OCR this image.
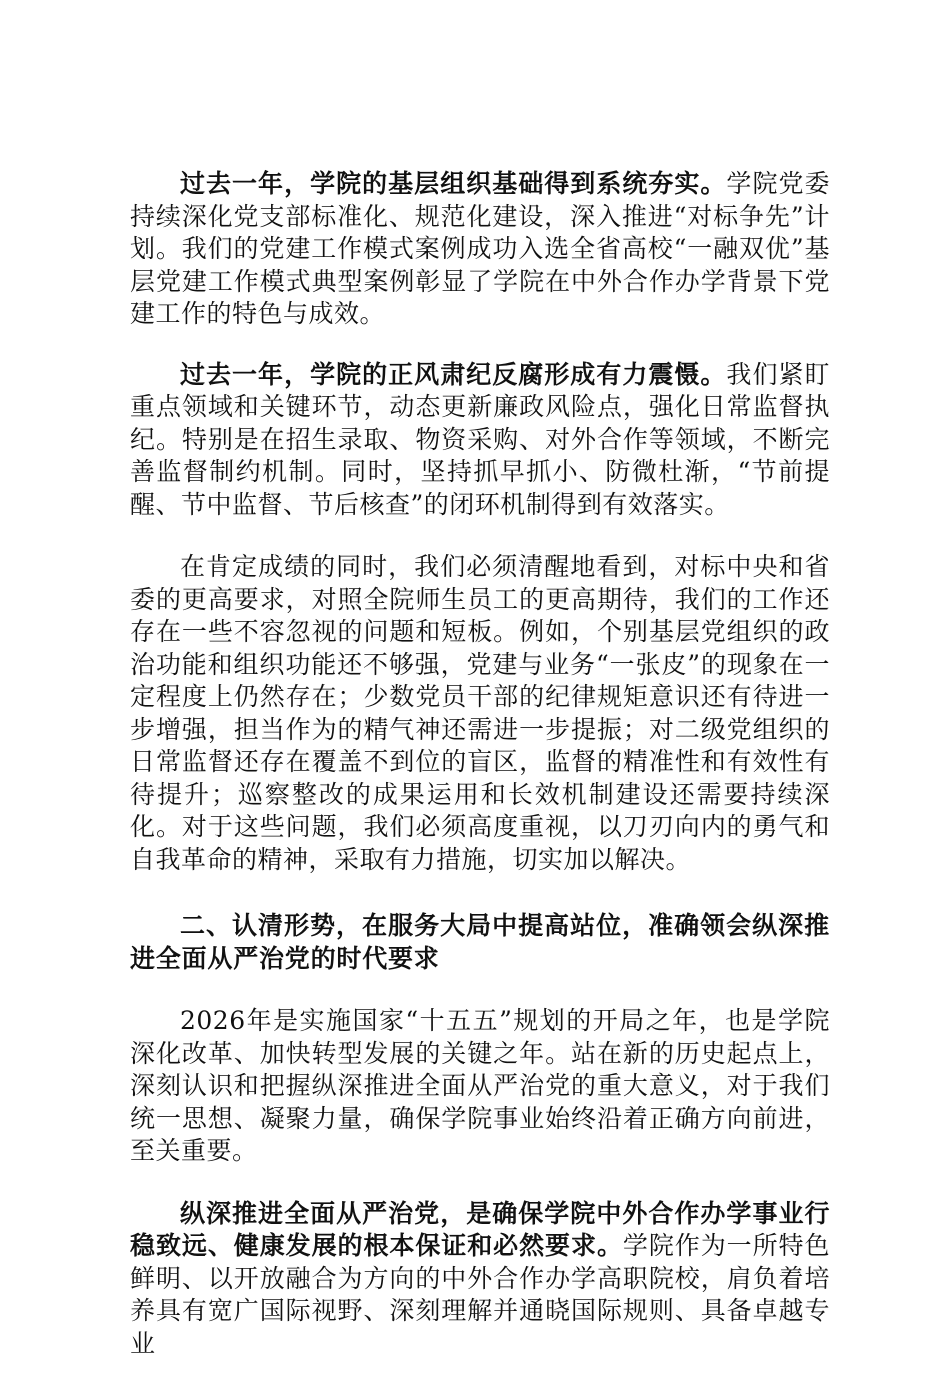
过去一年，学院的基层组织基础得到系统夯实。学院党委持续深化党支部标准化、规范化建设，深入推进“对标争先”计划。我们的党建工作模式案例成功入选全省高校“一融双优”基层党建工作模式典型案例彰显了学院在中外合作办学背景下党建工作的特色与成效。

过去一年，学院的正风肃纪反腐形成有力震慑。我们紧盯重点领域和关键环节，动态更新廉政风险点，强化日常监督执纪。特别是在招生录取、物资采购、对外合作等领域，不断完善监督制约机制。同时，坚持抓早抓小、防微杜渐，“节前提醒、节中监督、节后核查”的闭环机制得到有效落实。

在肯定成绩的同时，我们必须清醒地看到，对标中央和省委的更高要求，对照全院师生员工的更高期待，我们的工作还存在一些不容忽视的问题和短板。例如，个别基层党组织的政治功能和组织功能还不够强，党建与业务“一张皮”的现象在一定程度上仍然存在；少数党员干部的纪律规矩意识还有待进一步增强，担当作为的精气神还需进一步提振；对二级党组织的日常监督还存在覆盖不到位的盲区，监督的精准性和有效性有待提升；巡察整改的成果运用和长效机制建设还需要持续深化。对于这些问题，我们必须高度重视，以刀刃向内的勇气和自我革命的精神，采取有力措施，切实加以解决。

二、认清形势，在服务大局中提高站位，准确领会纵深推进全面从严治党的时代要求

2026年是实施国家“十五五”规划的开局之年，也是学院深化改革、加快转型发展的关键之年。站在新的历史起点上，深刻认识和把握纵深推进全面从严治党的重大意义，对于我们统一思想、凝聚力量，确保学院事业始终沿着正确方向前进，至关重要。

纵深推进全面从严治党，是确保学院中外合作办学事业行稳致远、健康发展的根本保证和必然要求。学院作为一所特色鲜明、以开放融合为方向的中外合作办学高职院校，肩负着培养具有宽广国际视野、深刻理解并通晓国际规则、具备卓越专业
